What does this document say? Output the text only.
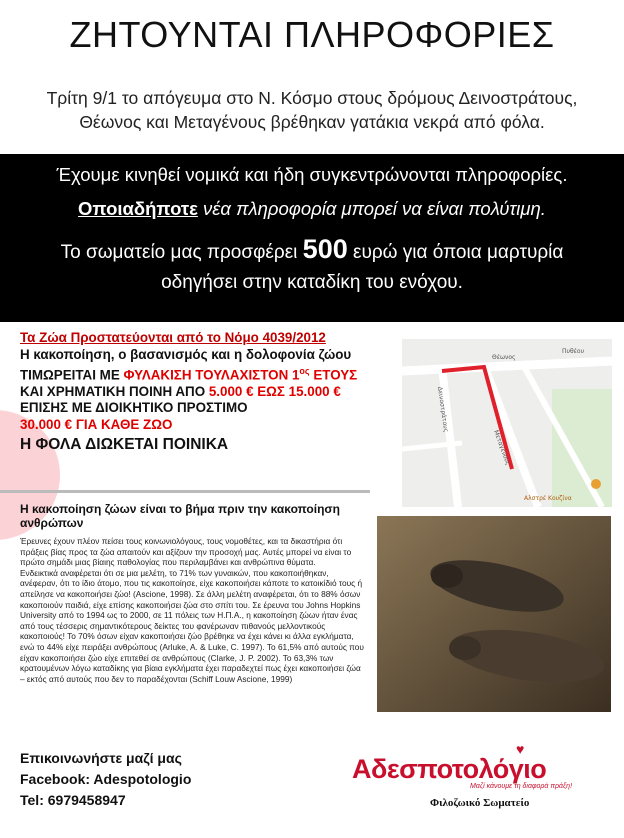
ΖΗΤΟΥΝΤΑΙ ΠΛΗΡΟΦΟΡΙΕΣ
Τρίτη 9/1 το απόγευμα στο Ν. Κόσμο στους δρόμους Δεινοστράτους,
Θέωνος και Μεταγένους βρέθηκαν γατάκια νεκρά από φόλα.
Έχουμε κινηθεί νομικά και ήδη συγκεντρώνονται πληροφορίες.
Οποιαδήποτε νέα πληροφορία μπορεί να είναι πολύτιμη.
Το σωματείο μας προσφέρει 500 ευρώ για όποια μαρτυρία
οδηγήσει στην καταδίκη του ενόχου.
Τα Ζώα Προστατεύονται από το Νόμο 4039/2012
Η κακοποίηση, ο βασανισμός και η δολοφονία ζώου
ΤΙΜΩΡΕΙΤΑΙ ΜΕ ΦΥΛΑΚΙΣΗ ΤΟΥΛΑΧΙΣΤΟΝ $1^{o\varsigma}$ ΕΤΟΥΣ
ΚΑΙ ΧΡΗΜΑΤΙΚΗ ΠΟΙΝΗ ΑΠΟ 5.000 € ΕΩΣ 15.000 €
ΕΠΙΣΗΣ ΜΕ ΔΙΟΙΚΗΤΙΚΟ ΠΡΟΣΤΙΜΟ
30.000 € ΓΙΑ ΚΑΘΕ ΖΩΟ
Η ΦΟΛΑ ΔΙΩΚΕΤΑΙ ΠΟΙΝΙΚΑ
Θέωνος
Πυθέου
Δεινοστράτους
Μεταγένους
Αλστρέ Κουζίνα
Η κακοποίηση ζώων είναι το βήμα πριν την κακοποίηση ανθρώπων
Έρευνες έχουν πλέον πείσει τους κοινωνιολόγους, τους νομοθέτες, και τα δικαστήρια ότι πράξεις βίας προς τα ζώα απαιτούν και αξίζουν την προσοχή μας. Αυτές μπορεί να είναι το πρώτο σημάδι μιας βίαιης παθολογίας που περιλαμβάνει και ανθρώπινα θύματα.
Ενδεικτικά αναφέρεται ότι σε μια μελέτη, το 71% των γυναικών, που κακοποιήθηκαν, ανέφεραν, ότι το ίδιο άτομο, που τις κακοποίησε, είχε κακοποιήσει κάποτε το κατοικίδιό τους ή απείλησε να κακοποιήσει ζώο! (Ascione, 1998). Σε άλλη μελέτη αναφέρεται, ότι το 88% όσων κακοποιούν παιδιά, είχε επίσης κακοποιήσει ζώα στο σπίτι του. Σε έρευνα του Johns Hopkins University από το 1994 ως το 2000, σε 11 πόλεις των Η.Π.Α., η κακοποίηση ζώων ήταν ένας από τους τέσσερις σημαντικότερους δείκτες του φανέρωναν πιθανούς μελλοντικούς κακοποιούς! Το 70% όσων είχαν κακοποιήσει ζώο βρέθηκε να έχει κάνει κι άλλα εγκλήματα, ενώ το 44% είχε πειράξει ανθρώπους (Arluke, A. & Luke, C. 1997). Το 61,5% από αυτούς που είχαν κακοποιήσει ζώο είχε επιτεθεί σε ανθρώπους (Clarke, J. P. 2002). Το 63,3% των κρατουμένων λόγω καταδίκης για βίαια εγκλήματα έχει παραδεχτεί πως έχει κακοποιήσει ζώα – εκτός από αυτούς που δεν το παραδέχονται (Schiff Louw Ascione, 1999)
Επικοινωνήστε μαζί μας
Facebook: Adespotologio
Tel: 6979458947
Αδεσποτολόγιο
Μαζί κάνουμε τη διαφορά πράξη!
♥
Φιλοζωικό Σωματείο
